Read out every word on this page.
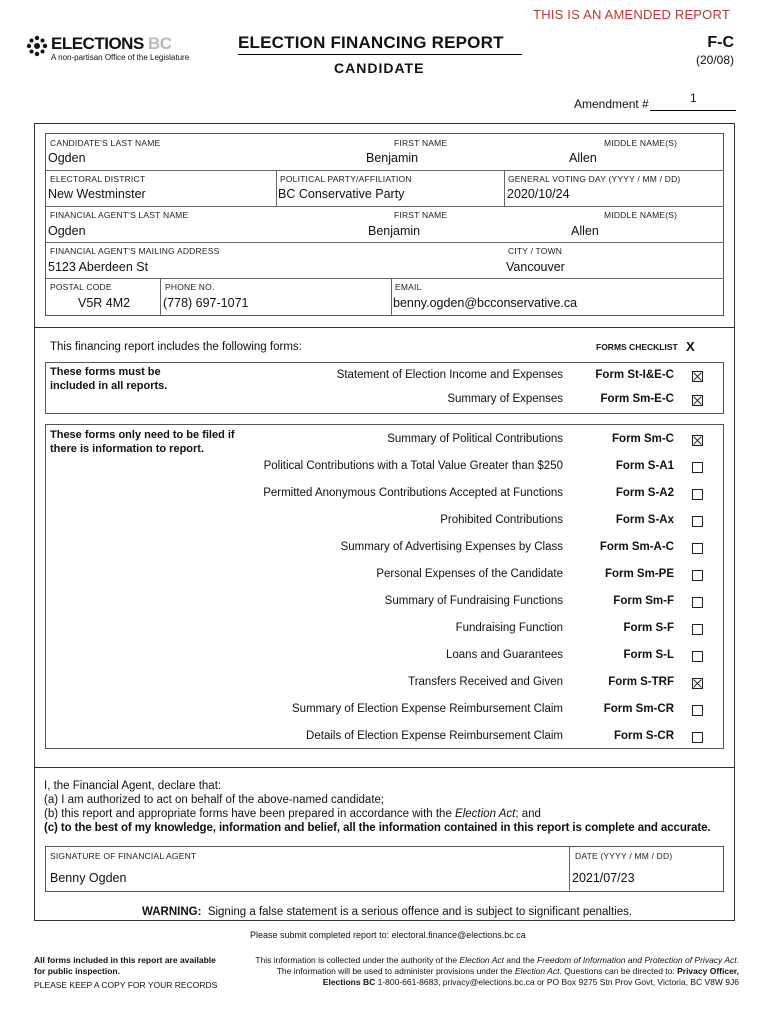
THIS IS AN AMENDED REPORT
ELECTIONS BC
A non-partisan Office of the Legislature
ELECTION FINANCING REPORT
CANDIDATE
F-C
(20/08)
Amendment #	1
CANDIDATE'S LAST NAME
Ogden
FIRST NAME
Benjamin
MIDDLE NAME(S)
Allen
ELECTORAL DISTRICT
New Westminster
POLITICAL PARTY/AFFILIATION
BC Conservative Party
GENERAL VOTING DAY (YYYY / MM / DD)
2020/10/24
FINANCIAL AGENT'S LAST NAME
Ogden
FIRST NAME
Benjamin
MIDDLE NAME(S)
Allen
FINANCIAL AGENT'S MAILING ADDRESS
5123 Aberdeen St
CITY / TOWN
Vancouver
POSTAL CODE
V5R 4M2
PHONE NO.
(778) 697-1071
EMAIL
benny.ogden@bcconservative.ca
This financing report includes the following forms:	FORMS CHECKLIST X
These forms must be included in all reports.
Statement of Election Income and Expenses	Form St-I&E-C
Summary of Expenses	Form Sm-E-C
These forms only need to be filed if there is information to report.
Summary of Political Contributions	Form Sm-C
Political Contributions with a Total Value Greater than $250	Form S-A1
Permitted Anonymous Contributions Accepted at Functions	Form S-A2
Prohibited Contributions	Form S-Ax
Summary of Advertising Expenses by Class	Form Sm-A-C
Personal Expenses of the Candidate	Form Sm-PE
Summary of Fundraising Functions	Form Sm-F
Fundraising Function	Form S-F
Loans and Guarantees	Form S-L
Transfers Received and Given	Form S-TRF
Summary of Election Expense Reimbursement Claim	Form Sm-CR
Details of Election Expense Reimbursement Claim	Form S-CR
I, the Financial Agent, declare that:
(a) I am authorized to act on behalf of the above-named candidate;
(b) this report and appropriate forms have been prepared in accordance with the Election Act; and
(c) to the best of my knowledge, information and belief, all the information contained in this report is complete and accurate.
SIGNATURE OF FINANCIAL AGENT
Benny Ogden
DATE (YYYY / MM / DD)
2021/07/23
WARNING: Signing a false statement is a serious offence and is subject to significant penalties.
Please submit completed report to: electoral.finance@elections.bc.ca
All forms included in this report are available
for public inspection.
PLEASE KEEP A COPY FOR YOUR RECORDS
This information is collected under the authority of the Election Act and the Freedom of Information and Protection of Privacy Act.
The information will be used to administer provisions under the Election Act. Questions can be directed to: Privacy Officer,
Elections BC 1-800-661-8683, privacy@elections.bc.ca or PO Box 9275 Stn Prov Govt, Victoria, BC V8W 9J6
